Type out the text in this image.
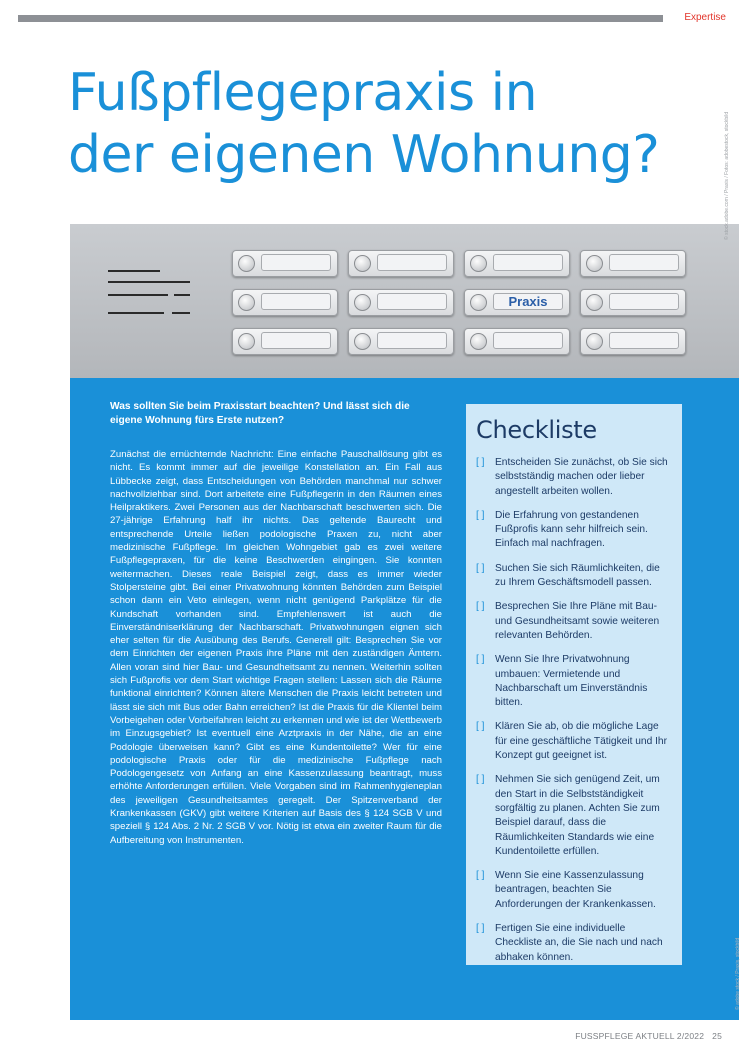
Expertise
Fußpflegepraxis in
der eigenen Wohnung?
Praxis
© stock.adobe.com / Praxis / Fotos: adobestock, stockbild

Was sollten Sie beim Praxisstart beachten? Und lässt sich die eigene Wohnung fürs Erste nutzen?

Zunächst die ernüchternde Nachricht: Eine einfache Pauschallösung gibt es nicht. Es kommt immer auf die jeweilige Konstellation an. Ein Fall aus Lübbecke zeigt, dass Entscheidungen von Behörden manchmal nur schwer nachvollziehbar sind. Dort arbeitete eine Fußpflegerin in den Räumen eines Heilpraktikers. Zwei Personen aus der Nachbarschaft beschwerten sich. Die 27-jährige Erfahrung half ihr nichts. Das geltende Baurecht und entsprechende Urteile ließen podologische Praxen zu, nicht aber medizinische Fußpflege. Im gleichen Wohngebiet gab es zwei weitere Fußpflegepraxen, für die keine Beschwerden eingingen. Sie konnten weitermachen. Dieses reale Beispiel zeigt, dass es immer wieder Stolpersteine gibt. Bei einer Privatwohnung könnten Behörden zum Beispiel schon dann ein Veto einlegen, wenn nicht genügend Parkplätze für die Kundschaft vorhanden sind. Empfehlenswert ist auch die Einverständniserklärung der Nachbarschaft. Privatwohnungen eignen sich eher selten für die Ausübung des Berufs. Generell gilt: Besprechen Sie vor dem Einrichten der eigenen Praxis ihre Pläne mit den zuständigen Ämtern. Allen voran sind hier Bau- und Gesundheitsamt zu nennen. Weiterhin sollten sich Fußprofis vor dem Start wichtige Fragen stellen: Lassen sich die Räume funktional einrichten? Können ältere Menschen die Praxis leicht betreten und lässt sie sich mit Bus oder Bahn erreichen? Ist die Praxis für die Klientel beim Vorbeigehen oder Vorbeifahren leicht zu erkennen und wie ist der Wettbewerb im Einzugsgebiet? Ist eventuell eine Arztpraxis in der Nähe, die an eine Podologie überweisen kann? Gibt es eine Kundentoilette? Wer für eine podologische Praxis oder für die medizinische Fußpflege nach Podologengesetz von Anfang an eine Kassenzulassung beantragt, muss erhöhte Anforderungen erfüllen. Viele Vorgaben sind im Rahmenhygieneplan des jeweiligen Gesundheitsamtes geregelt. Der Spitzenverband der Krankenkassen (GKV) gibt weitere Kriterien auf Basis des § 124 SGB V und speziell § 124 Abs. 2 Nr. 2 SGB V vor. Nötig ist etwa ein zweiter Raum für die Aufbereitung von Instrumenten.

Checkliste
[ ]	Entscheiden Sie zunächst, ob Sie sich selbstständig machen oder lieber angestellt arbeiten wollen.
[ ]	Die Erfahrung von gestandenen Fußprofis kann sehr hilfreich sein. Einfach mal nachfragen.
[ ]	Suchen Sie sich Räumlichkeiten, die zu Ihrem Geschäftsmodell passen.
[ ]	Besprechen Sie Ihre Pläne mit Bau- und Gesundheitsamt sowie weiteren relevanten Behörden.
[ ]	Wenn Sie Ihre Privatwohnung umbauen: Vermietende und Nachbarschaft um Einverständnis bitten.
[ ]	Klären Sie ab, ob die mögliche Lage für eine geschäftliche Tätigkeit und Ihr Konzept gut geeignet ist.
[ ]	Nehmen Sie sich genügend Zeit, um den Start in die Selbstständigkeit sorgfältig zu planen. Achten Sie zum Beispiel darauf, dass die Räumlichkeiten Standards wie eine Kundentoilette erfüllen.
[ ]	Wenn Sie eine Kassenzulassung beantragen, beachten Sie Anforderungen der Krankenkassen.
[ ]	Fertigen Sie eine individuelle Checkliste an, die Sie nach und nach abhaken können.	© adobe stock / Praxis, stockbild
FUSSPFLEGE AKTUELL 2/2022 25
